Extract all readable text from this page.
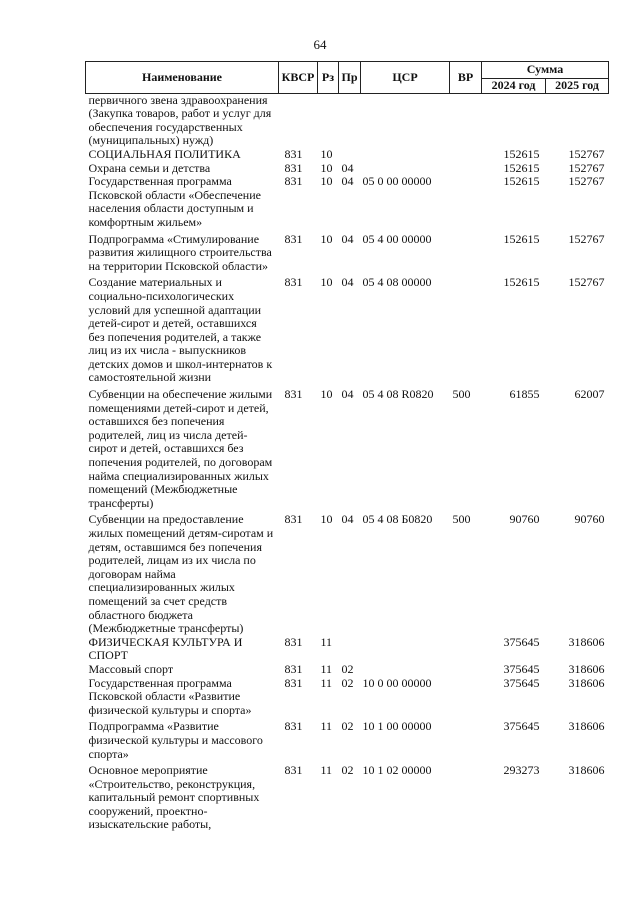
64
Наименование	КВСР	Рз	Пр	ЦСР	ВР	Сумма	
						2024 год	2025 год
первичного звена здравоохранения (Закупка товаров, работ и услуг для обеспечения государственных (муниципальных) нужд)							
СОЦИАЛЬНАЯ ПОЛИТИКА	831	10				152615	152767
Охрана семьи и детства	831	10	04			152615	152767
Государственная программа Псковской области «Обеспечение населения области доступным и комфортным жильем»	831	10	04	05 0 00 00000		152615	152767
Подпрограмма «Стимулирование развития жилищного строительства на территории Псковской области»	831	10	04	05 4 00 00000		152615	152767
Создание материальных и социально-психологических условий для успешной адаптации детей-сирот и детей, оставшихся без попечения родителей, а также лиц из их числа - выпускников детских домов и школ-интернатов к самостоятельной жизни	831	10	04	05 4 08 00000		152615	152767
Субвенции на обеспечение жилыми помещениями детей-сирот и детей, оставшихся без попечения родителей, лиц из числа детей-сирот и детей, оставшихся без попечения родителей, по договорам найма специализированных жилых помещений (Межбюджетные трансферты)	831	10	04	05 4 08 R0820	500	61855	62007
Субвенции на предоставление жилых помещений детям-сиротам и детям, оставшимся без попечения родителей, лицам из их числа по договорам найма специализированных жилых помещений за счет средств областного бюджета (Межбюджетные трансферты)	831	10	04	05 4 08 Б0820	500	90760	90760
ФИЗИЧЕСКАЯ КУЛЬТУРА И СПОРТ	831	11				375645	318606
Массовый спорт	831	11	02			375645	318606
Государственная программа Псковской области «Развитие физической культуры и спорта»	831	11	02	10 0 00 00000		375645	318606
Подпрограмма «Развитие физической культуры и массового спорта»	831	11	02	10 1 00 00000		375645	318606
Основное мероприятие «Строительство, реконструкция, капитальный ремонт спортивных сооружений, проектно-изыскательские работы,	831	11	02	10 1 02 00000		293273	318606
